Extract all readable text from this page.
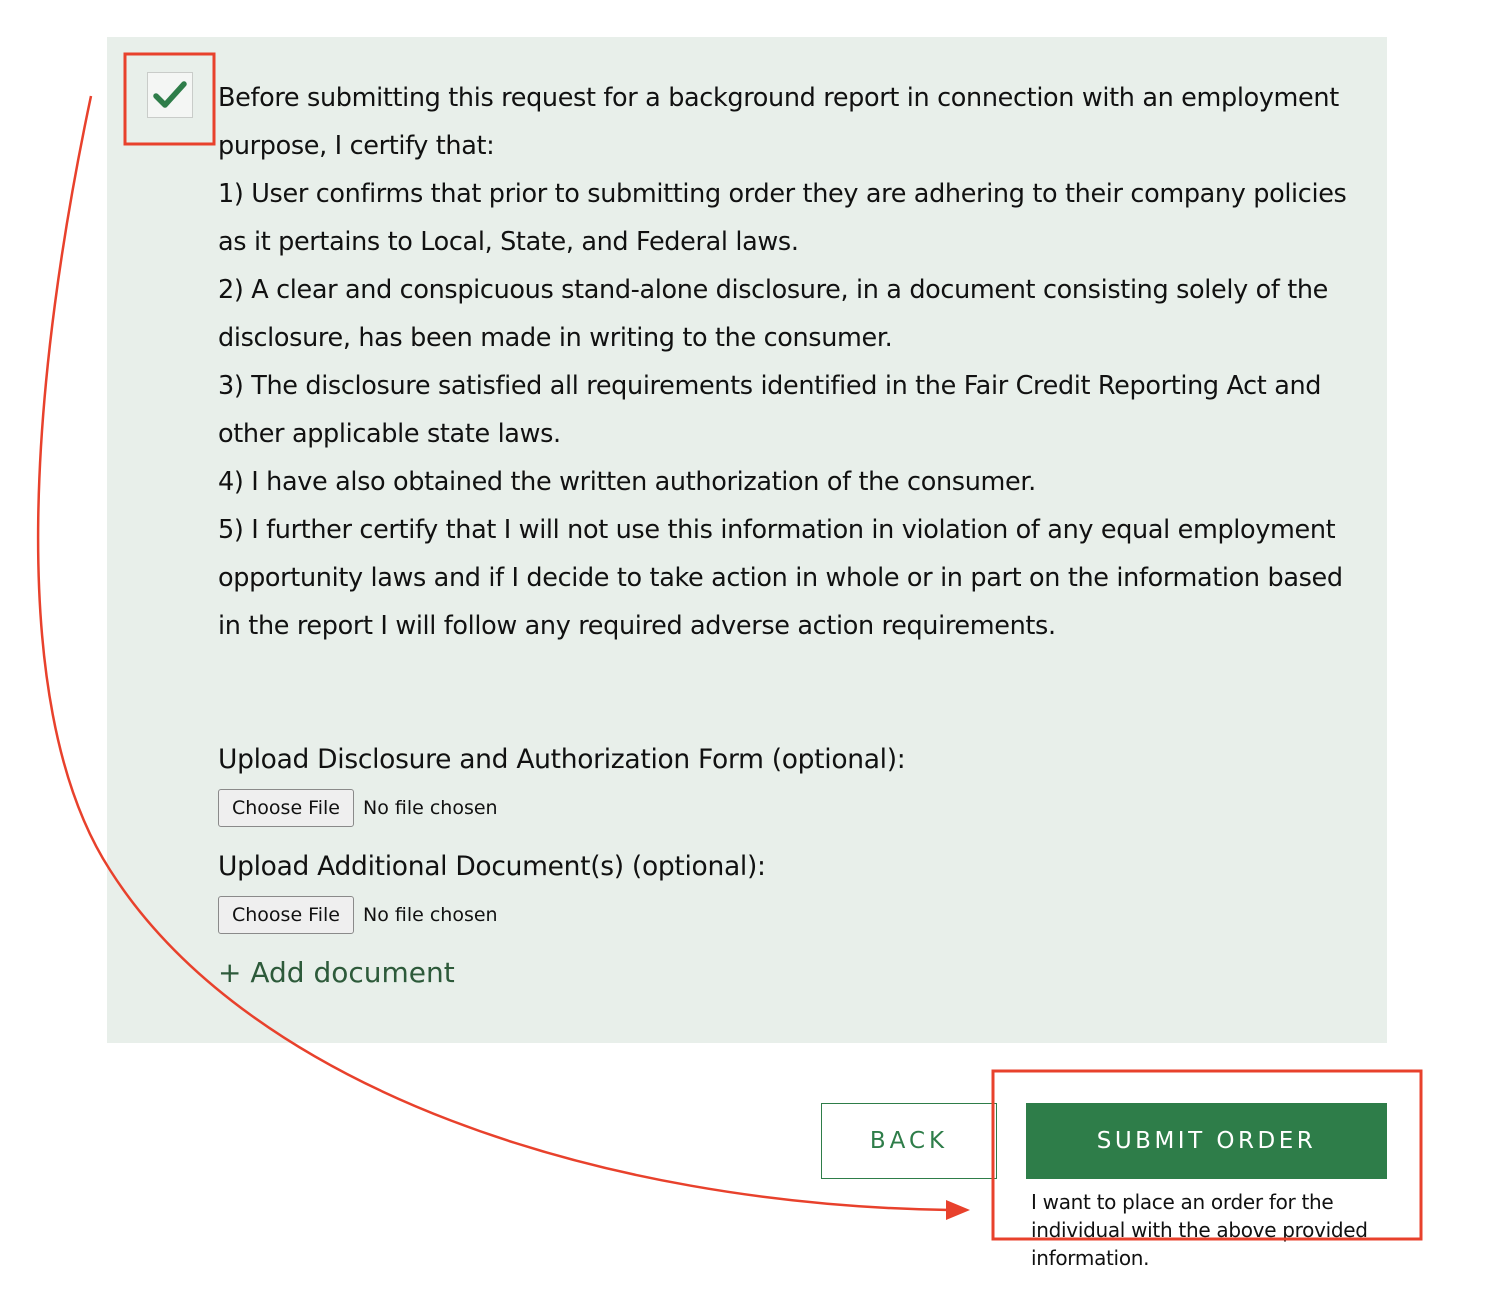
Before submitting this request for a background report in connection with an employment purpose, I certify that:

1) User confirms that prior to submitting order they are adhering to their company policies as it pertains to Local, State, and Federal laws.

2) A clear and conspicuous stand-alone disclosure, in a document consisting solely of the disclosure, has been made in writing to the consumer.

3) The disclosure satisfied all requirements identified in the Fair Credit Reporting Act and other applicable state laws.

4) I have also obtained the written authorization of the consumer.

5) I further certify that I will not use this information in violation of any equal employment opportunity laws and if I decide to take action in whole or in part on the information based in the report I will follow any required adverse action requirements.

Upload Disclosure and Authorization Form (optional):
Choose File	No file chosen
Upload Additional Document(s) (optional):
Choose File	No file chosen
+ Add document
BACK	SUBMIT ORDER
I want to place an order for the individual with the above provided information.
